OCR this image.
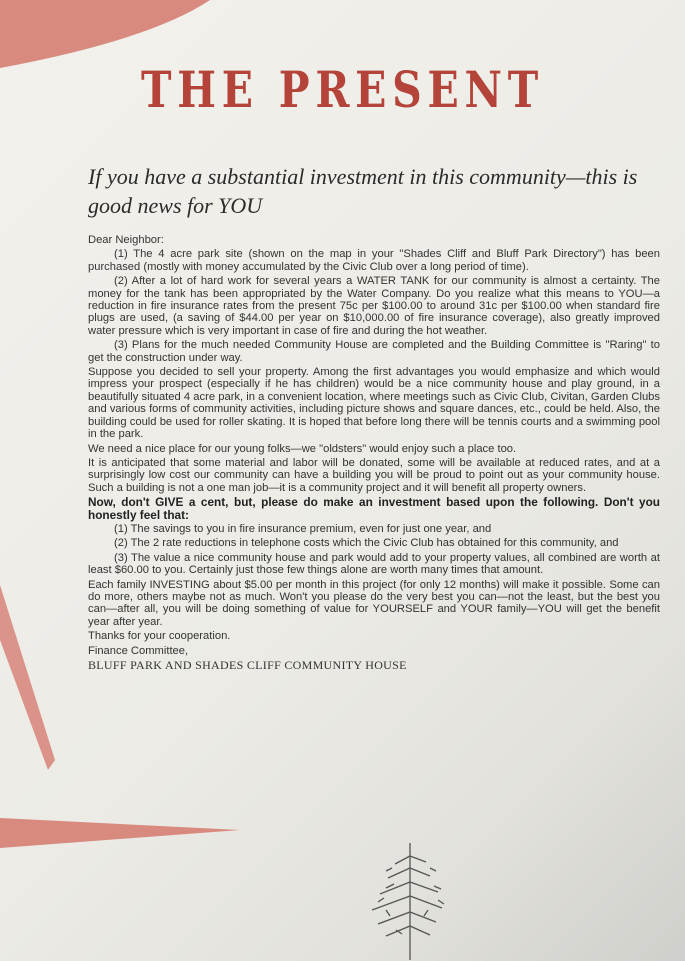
THE PRESENT
If you have a substantial investment in this community—this is good news for YOU

Dear Neighbor:

(1) The 4 acre park site (shown on the map in your "Shades Cliff and Bluff Park Directory") has been purchased (mostly with money accumulated by the Civic Club over a long period of time).

(2) After a lot of hard work for several years a WATER TANK for our community is almost a certainty. The money for the tank has been appropriated by the Water Company. Do you realize what this means to YOU—a reduction in fire insurance rates from the present 75c per $100.00 to around 31c per $100.00 when standard fire plugs are used, (a saving of $44.00 per year on $10,000.00 of fire insurance coverage), also greatly improved water pressure which is very important in case of fire and during the hot weather.

(3) Plans for the much needed Community House are completed and the Building Committee is "Raring" to get the construction under way.

Suppose you decided to sell your property. Among the first advantages you would emphasize and which would impress your prospect (especially if he has children) would be a nice community house and play ground, in a beautifully situated 4 acre park, in a convenient location, where meetings such as Civic Club, Civitan, Garden Clubs and various forms of community activities, including picture shows and square dances, etc., could be held. Also, the building could be used for roller skating. It is hoped that before long there will be tennis courts and a swimming pool in the park.

We need a nice place for our young folks—we "oldsters" would enjoy such a place too.

It is anticipated that some material and labor will be donated, some will be available at reduced rates, and at a surprisingly low cost our community can have a building you will be proud to point out as your community house. Such a building is not a one man job—it is a community project and it will benefit all property owners.

Now, don't GIVE a cent, but, please do make an investment based upon the following. Don't you honestly feel that:

(1) The savings to you in fire insurance premium, even for just one year, and

(2) The 2 rate reductions in telephone costs which the Civic Club has obtained for this community, and

(3) The value a nice community house and park would add to your property values, all combined are worth at least $60.00 to you. Certainly just those few things alone are worth many times that amount.

Each family INVESTING about $5.00 per month in this project (for only 12 months) will make it possible. Some can do more, others maybe not as much. Won't you please do the very best you can—not the least, but the best you can—after all, you will be doing something of value for YOURSELF and YOUR family—YOU will get the benefit year after year.

Thanks for your cooperation.

Finance Committee,

BLUFF PARK AND SHADES CLIFF COMMUNITY HOUSE
